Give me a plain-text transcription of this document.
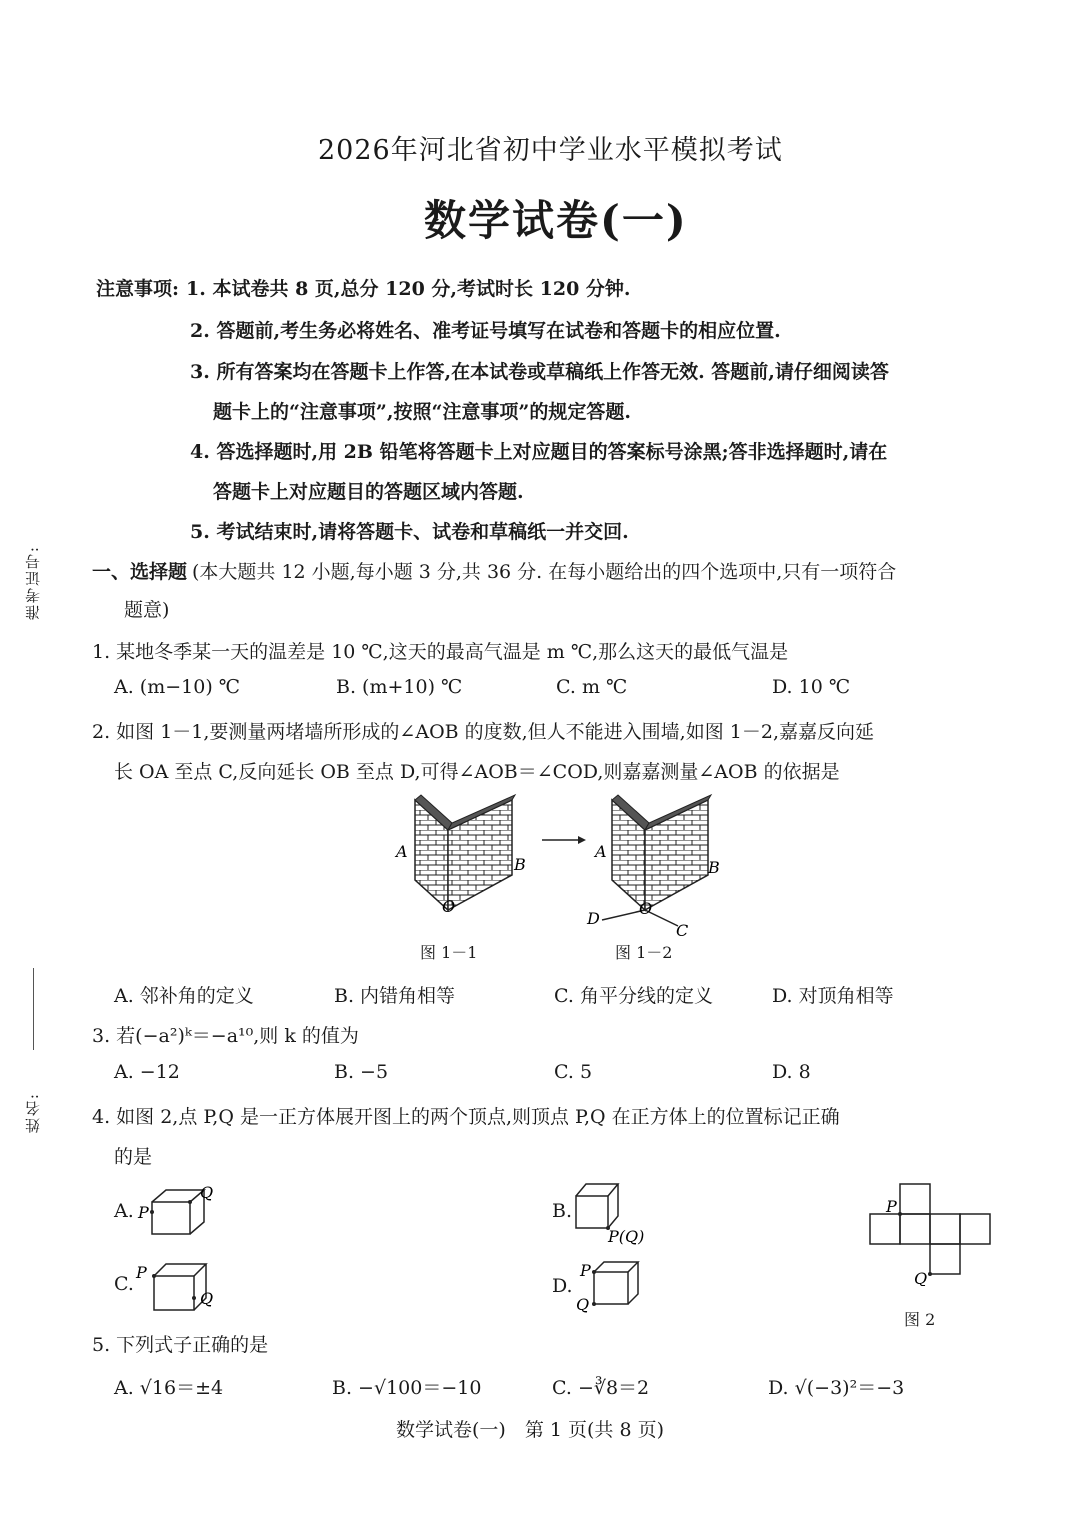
准考证号:
姓名:
2026年河北省初中学业水平模拟考试
数学试卷(一)
注意事项: 1. 本试卷共 8 页,总分 120 分,考试时长 120 分钟.
2. 答题前,考生务必将姓名、准考证号填写在试卷和答题卡的相应位置.
3. 所有答案均在答题卡上作答,在本试卷或草稿纸上作答无效. 答题前,请仔细阅读答
题卡上的“注意事项”,按照“注意事项”的规定答题.
4. 答选择题时,用 2B 铅笔将答题卡上对应题目的答案标号涂黑;答非选择题时,请在
答题卡上对应题目的答题区域内答题.
5. 考试结束时,请将答题卡、试卷和草稿纸一并交回.
一、选择题 (本大题共 12 小题,每小题 3 分,共 36 分. 在每小题给出的四个选项中,只有一项符合
题意)
1. 某地冬季某一天的温差是 10 ℃,这天的最高气温是 m ℃,那么这天的最低气温是
A. (m−10) ℃	B. (m+10) ℃	C. m ℃	D. 10 ℃
2. 如图 1－1,要测量两堵墙所形成的∠AOB 的度数,但人不能进入围墙,如图 1－2,嘉嘉反向延
长 OA 至点 C,反向延长 OB 至点 D,可得∠AOB＝∠COD,则嘉嘉测量∠AOB 的依据是
A
B
O
A
B
O
C
D
图 1－1	图 1－2
A. 邻补角的定义	B. 内错角相等	C. 角平分线的定义	D. 对顶角相等
3. 若(−a²)ᵏ＝−a¹⁰,则 k 的值为
A. −12	B. −5	C. 5	D. 8
4. 如图 2,点 P,Q 是一正方体展开图上的两个顶点,则顶点 P,Q 在正方体上的位置标记正确
的是
A. P
Q
B.
P(Q)
C.
P
Q
D.
P
Q
P
Q
图 2
5. 下列式子正确的是
A. √16＝±4	B. −√100＝−10	C. −∛8＝2	D. √(−3)²＝−3
数学试卷(一)　第 1 页(共 8 页)
